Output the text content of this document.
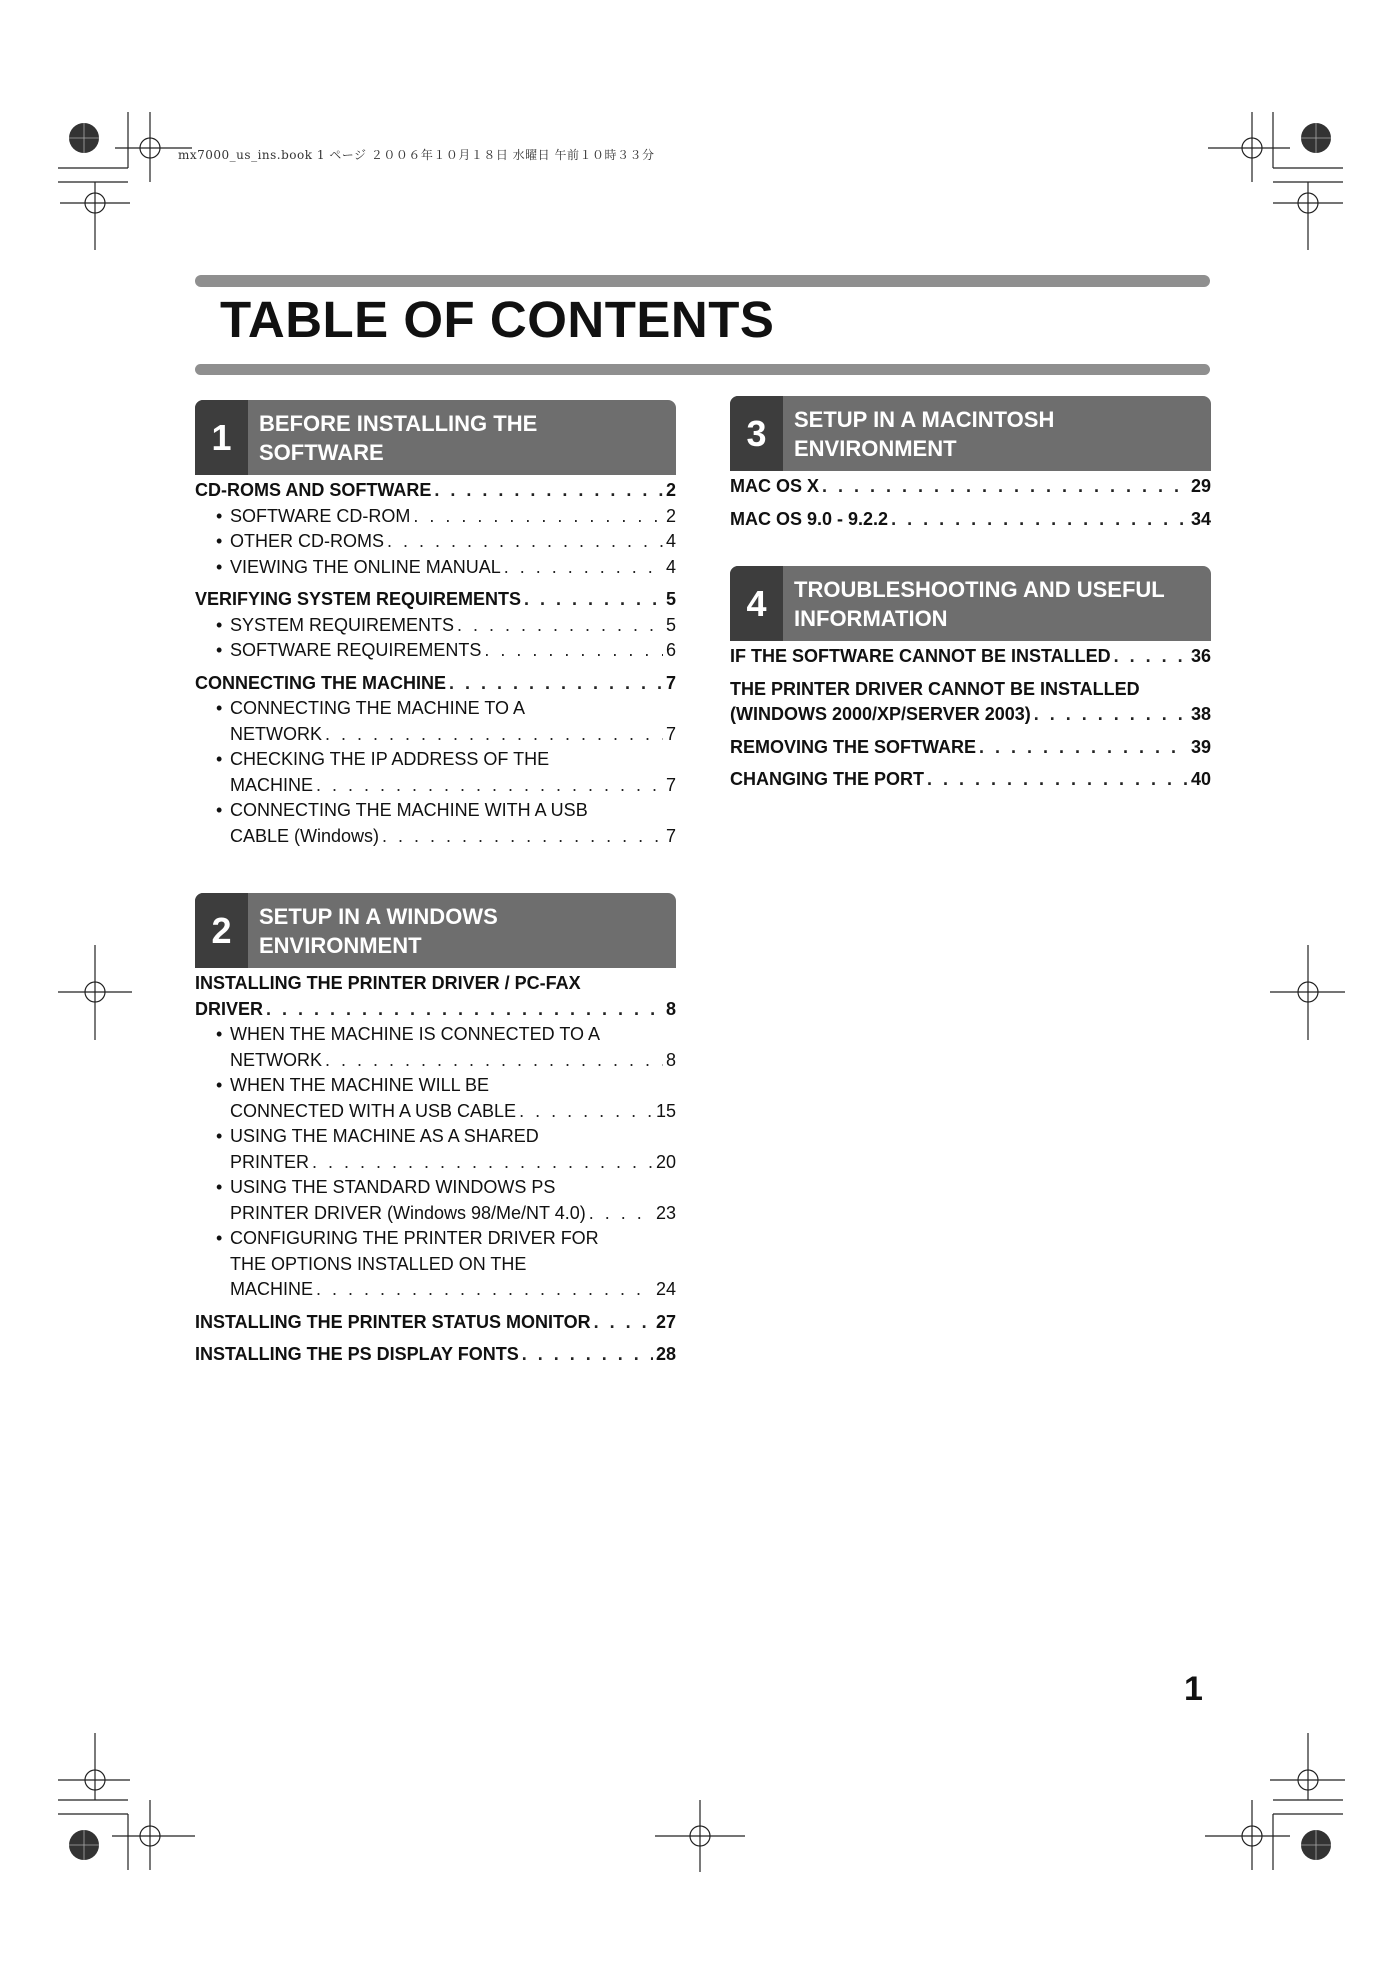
mx7000_us_ins.book 1 ページ ２００６年１０月１８日 水曜日 午前１０時３３分
TABLE OF CONTENTS
1	BEFORE INSTALLING THE
SOFTWARE
CD-ROMS AND SOFTWARE . . .	2
• SOFTWARE CD-ROM . . .	2
• OTHER CD-ROMS . . .	4
• VIEWING THE ONLINE MANUAL . . .	4
VERIFYING SYSTEM REQUIREMENTS . . .	5
• SYSTEM REQUIREMENTS . . .	5
• SOFTWARE REQUIREMENTS . . .	6
CONNECTING THE MACHINE . . .	7
• CONNECTING THE MACHINE TO A
NETWORK . . .	7
• CHECKING THE IP ADDRESS OF THE
MACHINE . . .	7
• CONNECTING THE MACHINE WITH A USB
CABLE (Windows) . . .	7
2	SETUP IN A WINDOWS
ENVIRONMENT
INSTALLING THE PRINTER DRIVER / PC-FAX
DRIVER . . .	8
• WHEN THE MACHINE IS CONNECTED TO A
NETWORK . . .	8
• WHEN THE MACHINE WILL BE
CONNECTED WITH A USB CABLE . . .	15
• USING THE MACHINE AS A SHARED
PRINTER . . .	20
• USING THE STANDARD WINDOWS PS
PRINTER DRIVER (Windows 98/Me/NT 4.0) . . .	23
• CONFIGURING THE PRINTER DRIVER FOR
THE OPTIONS INSTALLED ON THE
MACHINE . . .	24
INSTALLING THE PRINTER STATUS MONITOR . . .	27
INSTALLING THE PS DISPLAY FONTS . . .	28
3	SETUP IN A MACINTOSH
ENVIRONMENT
MAC OS X . . .	29
MAC OS 9.0 - 9.2.2 . . .	34
4	TROUBLESHOOTING AND USEFUL
INFORMATION
IF THE SOFTWARE CANNOT BE INSTALLED . . .	36
THE PRINTER DRIVER CANNOT BE INSTALLED
(WINDOWS 2000/XP/SERVER 2003) . . .	38
REMOVING THE SOFTWARE . . .	39
CHANGING THE PORT . . .	40
1
